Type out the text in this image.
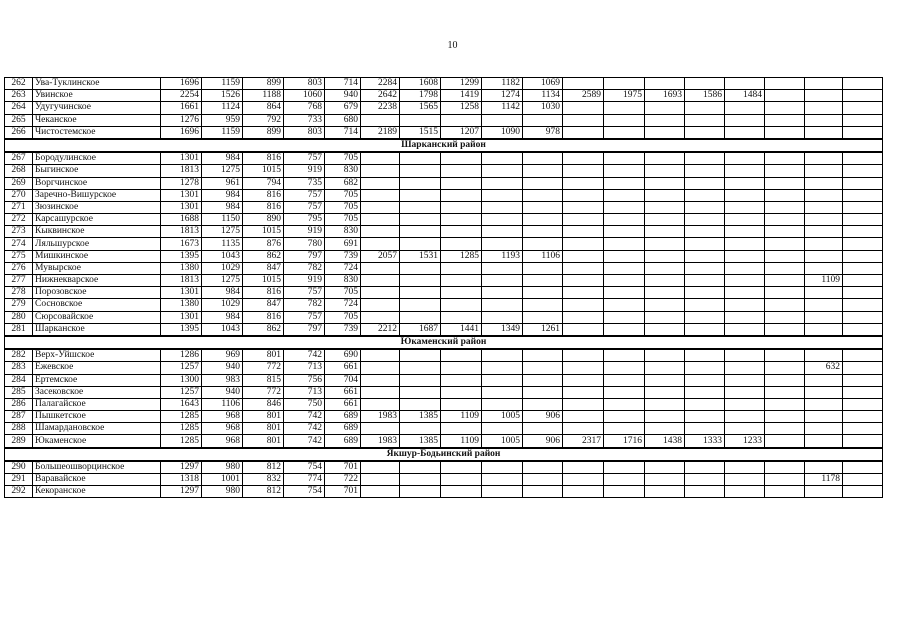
10
262	Ува-Туклинское	1696	1159	899	803	714	2284	1608	1299	1182	1069								
263	Увинское	2254	1526	1188	1060	940	2642	1798	1419	1274	1134	2589	1975	1693	1586	1484			
264	Удугучинское	1661	1124	864	768	679	2238	1565	1258	1142	1030								
265	Чеканское	1276	959	792	733	680													
266	Чистостемское	1696	1159	899	803	714	2189	1515	1207	1090	978								
Шарканский район																			
267	Бородулинское	1301	984	816	757	705													
268	Быгинское	1813	1275	1015	919	830													
269	Воргчинское	1278	961	794	735	682													
270	Заречно-Вишурское	1301	984	816	757	705													
271	Зюзинское	1301	984	816	757	705													
272	Карсашурское	1688	1150	890	795	705													
273	Кыквинское	1813	1275	1015	919	830													
274	Ляльшурское	1673	1135	876	780	691													
275	Мишкинское	1395	1043	862	797	739	2057	1531	1285	1193	1106								
276	Мувырское	1380	1029	847	782	724													
277	Нижнекварское	1813	1275	1015	919	830												1109	
278	Порозовское	1301	984	816	757	705													
279	Сосновское	1380	1029	847	782	724													
280	Сюрсовайское	1301	984	816	757	705													
281	Шарканское	1395	1043	862	797	739	2212	1687	1441	1349	1261								
Юкаменский район																			
282	Верх-Уйшское	1286	969	801	742	690													
283	Ежевское	1257	940	772	713	661												632	
284	Ертемское	1300	983	815	756	704													
285	Засековское	1257	940	772	713	661													
286	Палагайское	1643	1106	846	750	661													
287	Пышкетское	1285	968	801	742	689	1983	1385	1109	1005	906								
288	Шамардановское	1285	968	801	742	689													
289	Юкаменское	1285	968	801	742	689	1983	1385	1109	1005	906	2317	1716	1438	1333	1233			
Якшур-Бодьинский район																			
290	Большеошворцинское	1297	980	812	754	701													
291	Варавайское	1318	1001	832	774	722												1178	
292	Кекоранское	1297	980	812	754	701													
